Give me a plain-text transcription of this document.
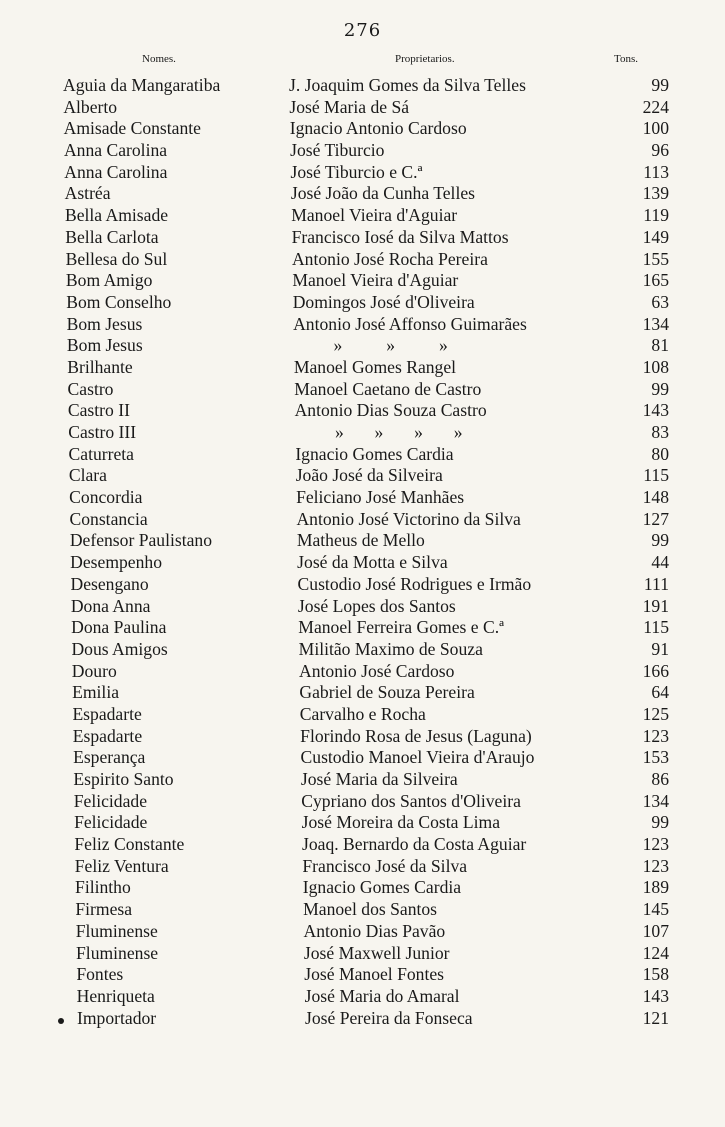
276
Nomes.	Proprietarios.	Tons.
Aguia da Mangaratiba	J. Joaquim Gomes da Silva Telles	99
Alberto	José Maria de Sá	224
Amisade Constante	Ignacio Antonio Cardoso	100
Anna Carolina	José Tiburcio	96
Anna Carolina	José Tiburcio e C.ª	113
Astréa	José João da Cunha Telles	139
Bella Amisade	Manoel Vieira d'Aguiar	119
Bella Carlota	Francisco Iosé da Silva Mattos	149
Bellesa do Sul	Antonio José Rocha Pereira	155
Bom Amigo	Manoel Vieira d'Aguiar	165
Bom Conselho	Domingos José d'Oliveira	63
Bom Jesus	Antonio José Affonso Guimarães	134
Bom Jesus	»          »          »	81
Brilhante	Manoel Gomes Rangel	108
Castro	Manoel Caetano de Castro	99
Castro II	Antonio Dias Souza Castro	143
Castro III	»       »       »       »	83
Caturreta	Ignacio Gomes Cardia	80
Clara	João José da Silveira	115
Concordia	Feliciano José Manhães	148
Constancia	Antonio José Victorino da Silva	127
Defensor Paulistano	Matheus de Mello	99
Desempenho	José da Motta e Silva	44
Desengano	Custodio José Rodrigues e Irmão	111
Dona Anna	José Lopes dos Santos	191
Dona Paulina	Manoel Ferreira Gomes e C.ª	115
Dous Amigos	Militão Maximo de Souza	91
Douro	Antonio José Cardoso	166
Emilia	Gabriel de Souza Pereira	64
Espadarte	Carvalho e Rocha	125
Espadarte	Florindo Rosa de Jesus (Laguna)	123
Esperança	Custodio Manoel Vieira d'Araujo	153
Espirito Santo	José Maria da Silveira	86
Felicidade	Cypriano dos Santos d'Oliveira	134
Felicidade	José Moreira da Costa Lima	99
Feliz Constante	Joaq. Bernardo da Costa Aguiar	123
Feliz Ventura	Francisco José da Silva	123
Filintho	Ignacio Gomes Cardia	189
Firmesa	Manoel dos Santos	145
Fluminense	Antonio Dias Pavão	107
Fluminense	José Maxwell Junior	124
Fontes	José Manoel Fontes	158
Henriqueta	José Maria do Amaral	143
Importador	José Pereira da Fonseca	121
